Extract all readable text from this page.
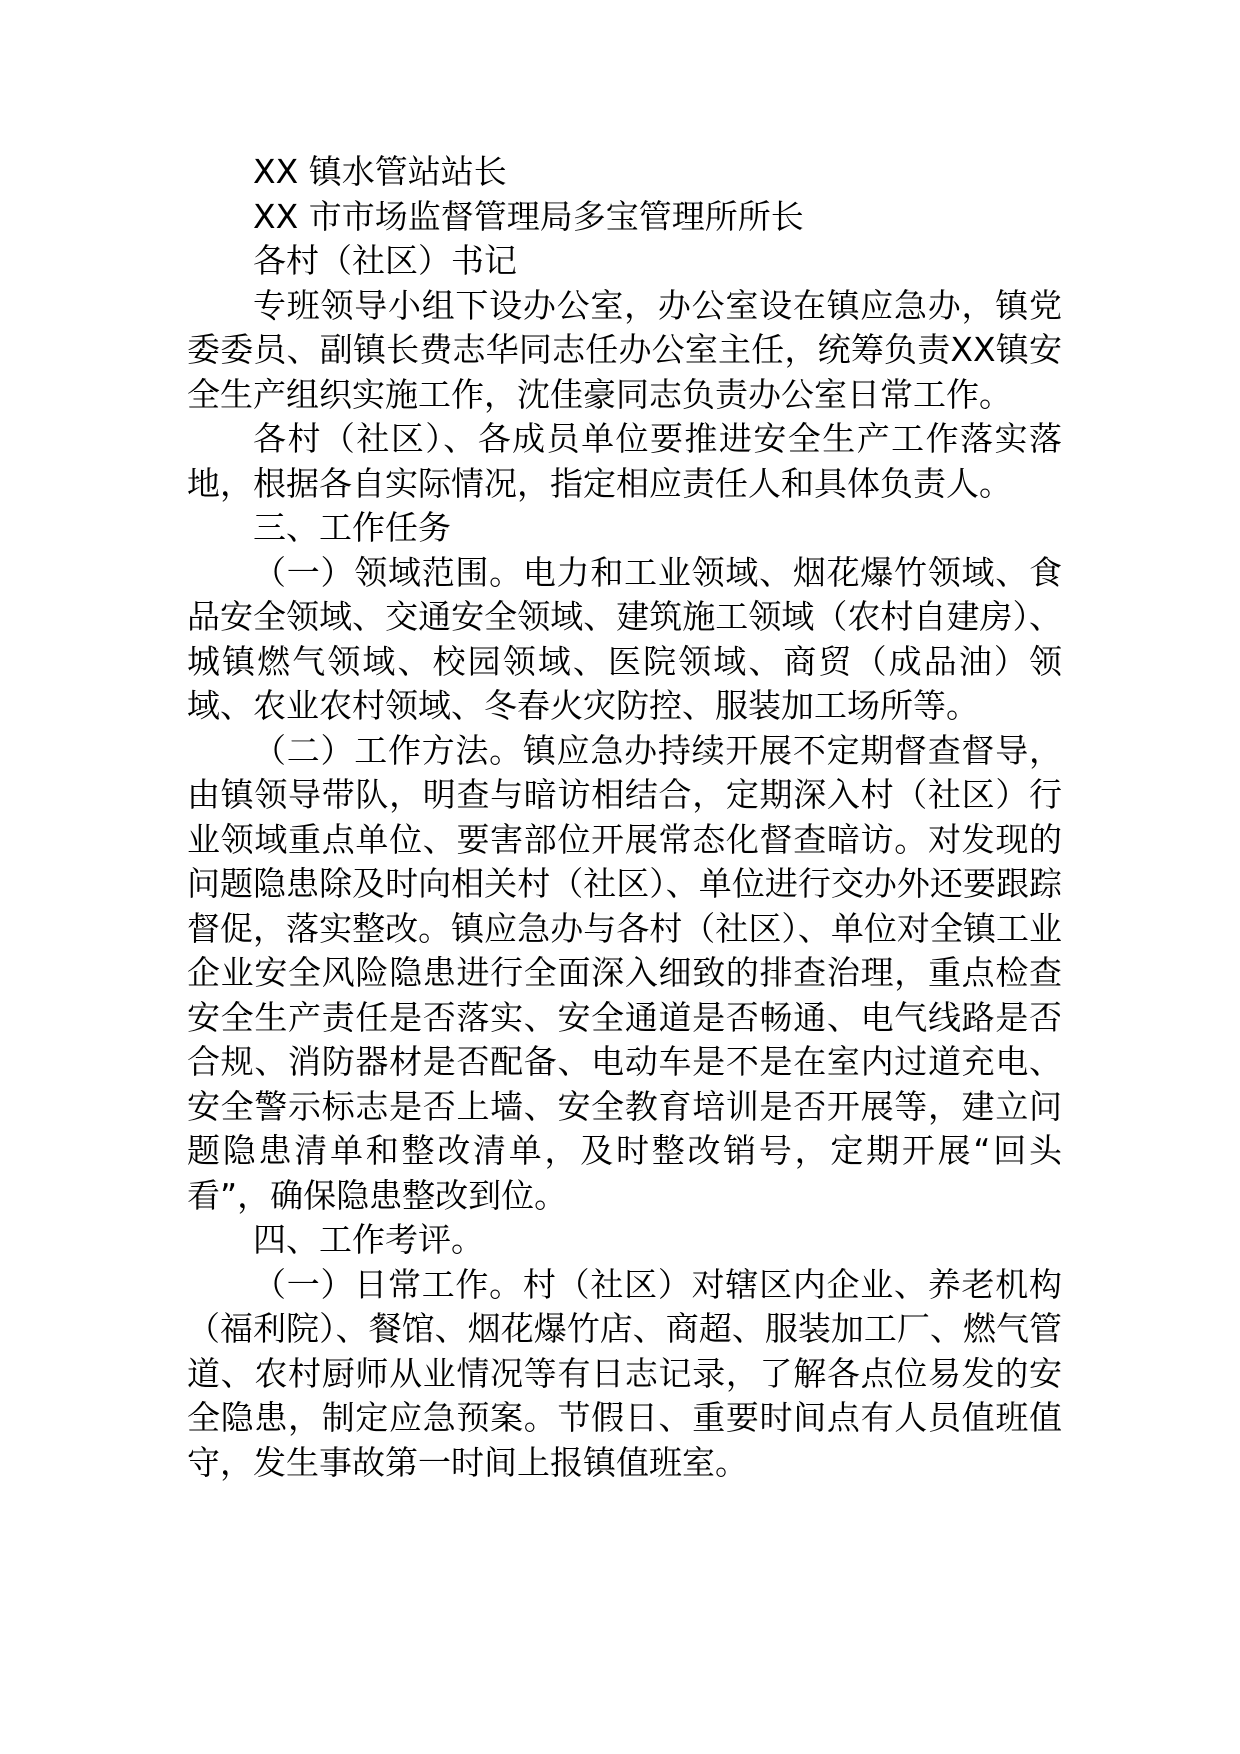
XX 镇水管站站长

XX 市市场监督管理局多宝管理所所长

各村（社区）书记

专班领导小组下设办公室，办公室设在镇应急办，镇党委委员、副镇长费志华同志任办公室主任，统筹负责XX镇安全生产组织实施工作，沈佳豪同志负责办公室日常工作。

各村（社区）、各成员单位要推进安全生产工作落实落地，根据各自实际情况，指定相应责任人和具体负责人。

三、工作任务

（一）领域范围。电力和工业领域、烟花爆竹领域、食品安全领域、交通安全领域、建筑施工领域（农村自建房）、城镇燃气领域、校园领域、医院领域、商贸（成品油）领域、农业农村领域、冬春火灾防控、服装加工场所等。

（二）工作方法。镇应急办持续开展不定期督查督导，由镇领导带队，明查与暗访相结合，定期深入村（社区）行业领域重点单位、要害部位开展常态化督查暗访。对发现的问题隐患除及时向相关村（社区）、单位进行交办外还要跟踪督促，落实整改。镇应急办与各村（社区）、单位对全镇工业企业安全风险隐患进行全面深入细致的排查治理，重点检查安全生产责任是否落实、安全通道是否畅通、电气线路是否合规、消防器材是否配备、电动车是不是在室内过道充电、安全警示标志是否上墙、安全教育培训是否开展等，建立问题隐患清单和整改清单，及时整改销号，定期开展“回头看”，确保隐患整改到位。

四、工作考评。

（一）日常工作。村（社区）对辖区内企业、养老机构（福利院）、餐馆、烟花爆竹店、商超、服装加工厂、燃气管道、农村厨师从业情况等有日志记录，了解各点位易发的安全隐患，制定应急预案。节假日、重要时间点有人员值班值守，发生事故第一时间上报镇值班室。
